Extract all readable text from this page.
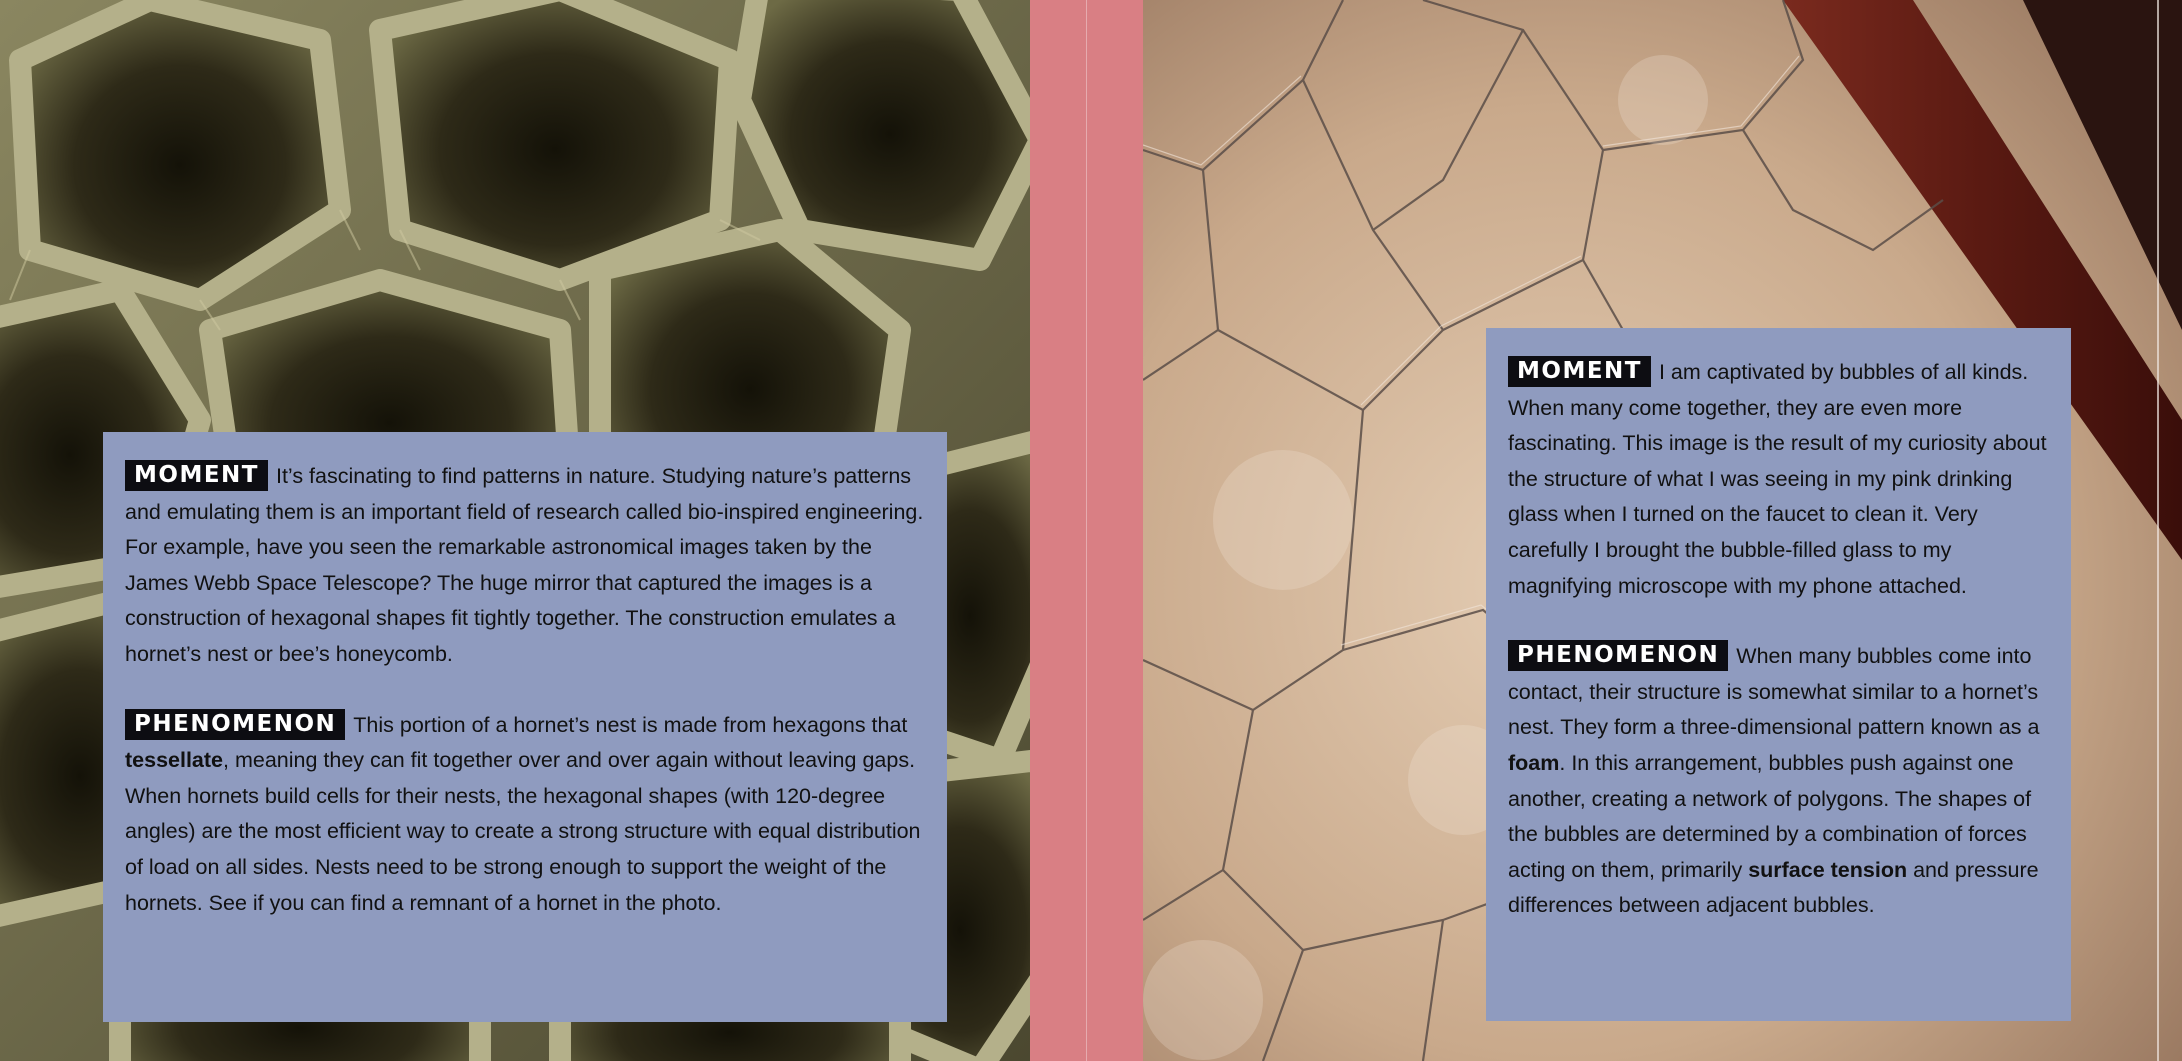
MOMENT It’s fascinating to find patterns in nature. Studying nature’s patterns and emulating them is an important field of research called bio-inspired engineering. For example, have you seen the remarkable astronomical images taken by the James Webb Space Telescope? The huge mirror that captured the images is a construction of hexagonal shapes fit tightly together. The construction emulates a hornet’s nest or bee’s honeycomb.

PHENOMENON This portion of a hornet’s nest is made from hexagons that tessellate, meaning they can fit together over and over again without leaving gaps. When hornets build cells for their nests, the hexagonal shapes (with 120-degree angles) are the most efficient way to create a strong structure with equal distribution of load on all sides. Nests need to be strong enough to support the weight of the hornets. See if you can find a remnant of a hornet in the photo.

MOMENT I am captivated by bubbles of all kinds. When many come together, they are even more fascinating. This image is the result of my curiosity about the structure of what I was seeing in my pink drinking glass when I turned on the faucet to clean it. Very carefully I brought the bubble-filled glass to my magnifying microscope with my phone attached.

PHENOMENON When many bubbles come into contact, their structure is somewhat similar to a hornet’s nest. They form a three-dimensional pattern known as a foam. In this arrangement, bubbles push against one another, creating a network of polygons. The shapes of the bubbles are determined by a combination of forces acting on them, primarily surface tension and pressure differences between adjacent bubbles.
